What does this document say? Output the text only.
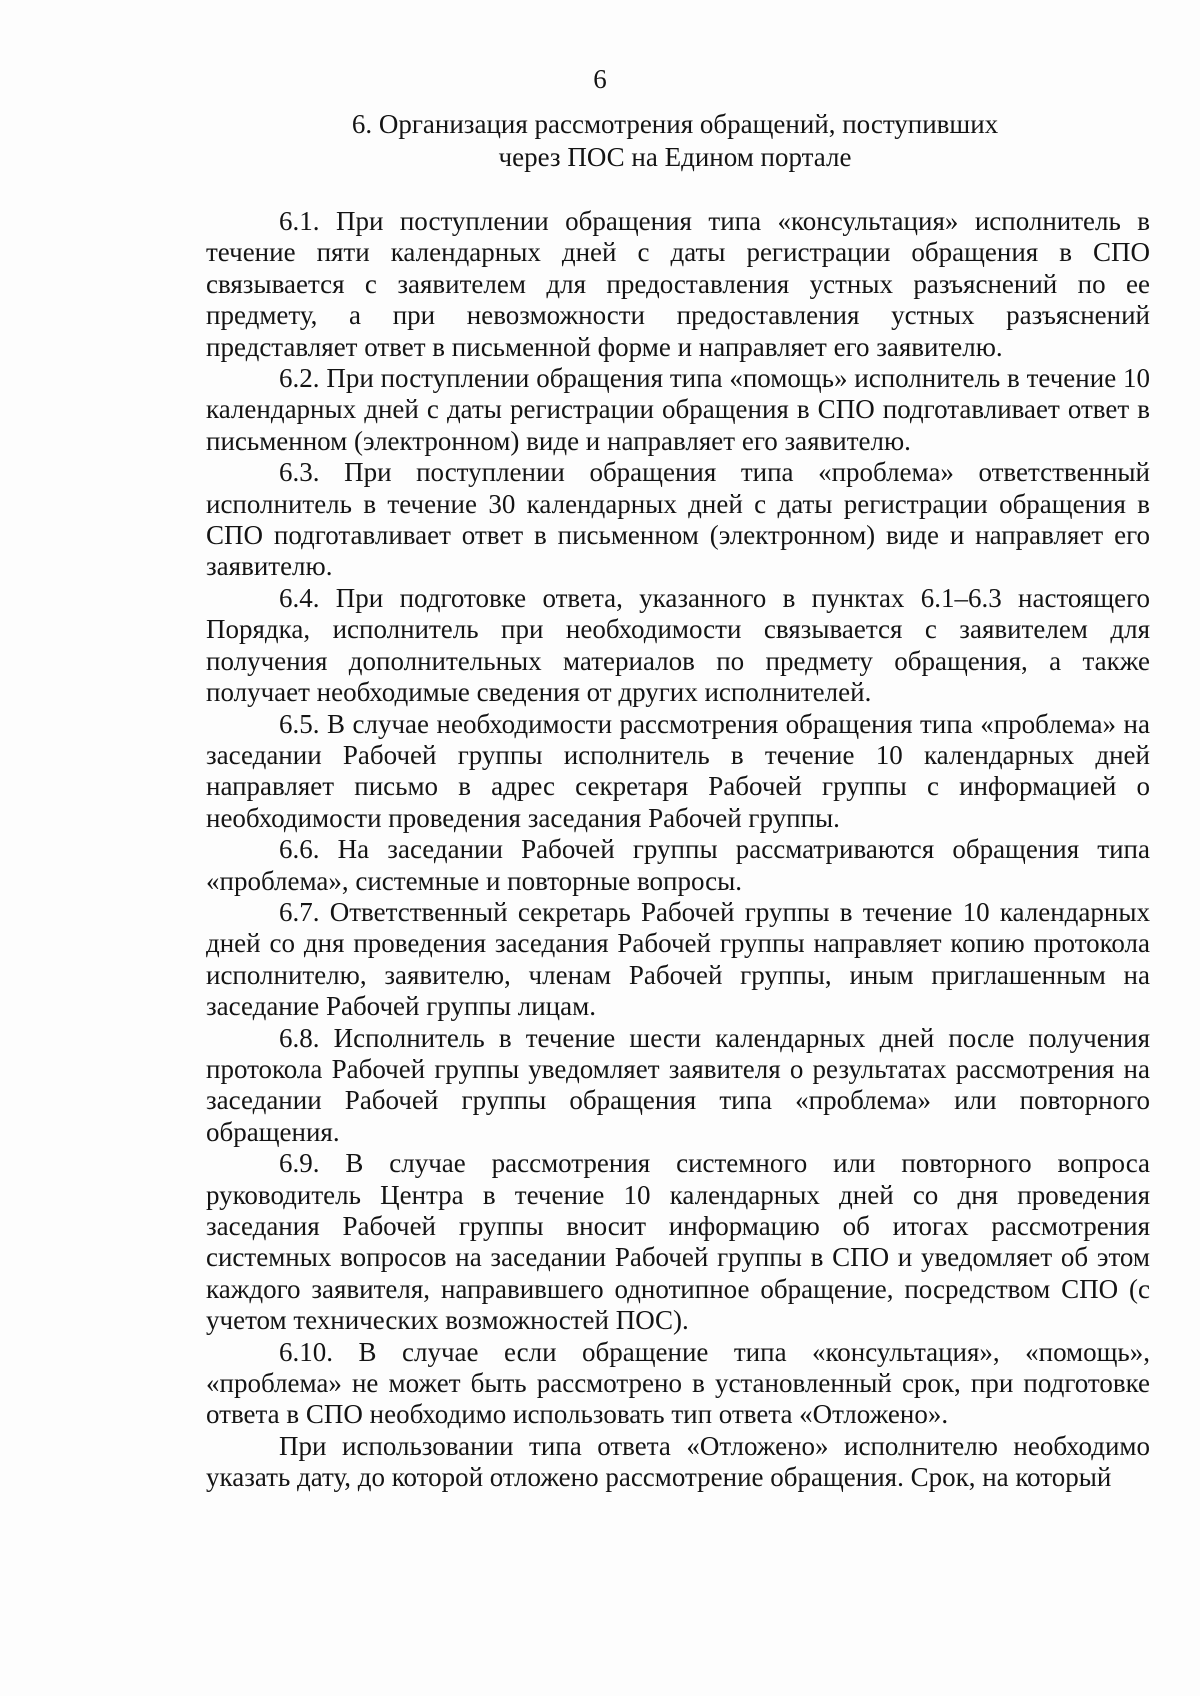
6
6. Организация рассмотрения обращений, поступивших
через ПОС на Едином портале

6.1. При поступлении обращения типа «консультация» исполнитель в течение пяти календарных дней с даты регистрации обращения в СПО связывается с заявителем для предоставления устных разъяснений по ее предмету, а при невозможности предоставления устных разъяснений представляет ответ в письменной форме и направляет его заявителю.

6.2. При поступлении обращения типа «помощь» исполнитель в течение 10 календарных дней с даты регистрации обращения в СПО подготавливает ответ в письменном (электронном) виде и направляет его заявителю.

6.3. При поступлении обращения типа «проблема» ответственный исполнитель в течение 30 календарных дней с даты регистрации обращения в СПО подготавливает ответ в письменном (электронном) виде и направляет его заявителю.

6.4. При подготовке ответа, указанного в пунктах 6.1–6.3 настоящего Порядка, исполнитель при необходимости связывается с заявителем для получения дополнительных материалов по предмету обращения, а также получает необходимые сведения от других исполнителей.

6.5. В случае необходимости рассмотрения обращения типа «проблема» на заседании Рабочей группы исполнитель в течение 10 календарных дней направляет письмо в адрес секретаря Рабочей группы с информацией о необходимости проведения заседания Рабочей группы.

6.6. На заседании Рабочей группы рассматриваются обращения типа «проблема», системные и повторные вопросы.

6.7. Ответственный секретарь Рабочей группы в течение 10 календарных дней со дня проведения заседания Рабочей группы направляет копию протокола исполнителю, заявителю, членам Рабочей группы, иным приглашенным на заседание Рабочей группы лицам.

6.8. Исполнитель в течение шести календарных дней после получения протокола Рабочей группы уведомляет заявителя о результатах рассмотрения на заседании Рабочей группы обращения типа «проблема» или повторного обращения.

6.9. В случае рассмотрения системного или повторного вопроса руководитель Центра в течение 10 календарных дней со дня проведения заседания Рабочей группы вносит информацию об итогах рассмотрения системных вопросов на заседании Рабочей группы в СПО и уведомляет об этом каждого заявителя, направившего однотипное обращение, посредством СПО (с учетом технических возможностей ПОС).

6.10. В случае если обращение типа «консультация», «помощь», «проблема» не может быть рассмотрено в установленный срок, при подготовке ответа в СПО необходимо использовать тип ответа «Отложено».

При использовании типа ответа «Отложено» исполнителю необходимо указать дату, до которой отложено рассмотрение обращения. Срок, на который
